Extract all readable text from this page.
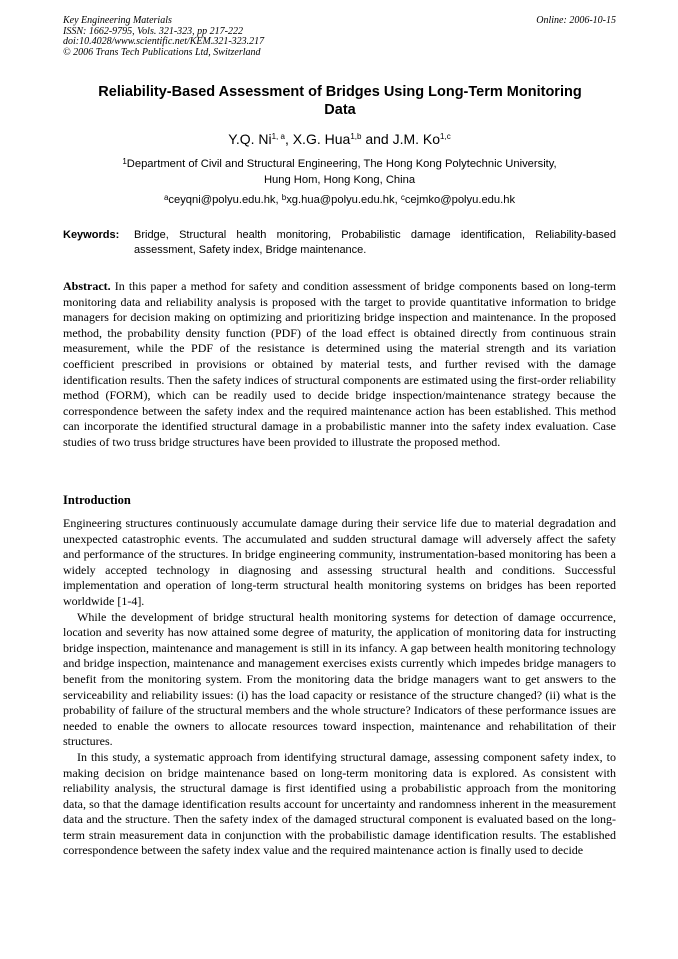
Key Engineering Materials
ISSN: 1662-9795, Vols. 321-323, pp 217-222
doi:10.4028/www.scientific.net/KEM.321-323.217
© 2006 Trans Tech Publications Ltd, Switzerland
Online: 2006-10-15
Reliability-Based Assessment of Bridges Using Long-Term Monitoring Data
Y.Q. Ni$^{1, a}$, X.G. Hua$^{1,b}$ and J.M. Ko$^{1,c}$
$^1$Department of Civil and Structural Engineering, The Hong Kong Polytechnic University,
Hung Hom, Hong Kong, China
$^a$ceyqni@polyu.edu.hk, $^b$xg.hua@polyu.edu.hk, $^c$cejmko@polyu.edu.hk
Keywords:	Bridge, Structural health monitoring, Probabilistic damage identification, Reliability-based assessment, Safety index, Bridge maintenance.
Abstract. In this paper a method for safety and condition assessment of bridge components based on long-term monitoring data and reliability analysis is proposed with the target to provide quantitative information to bridge managers for decision making on optimizing and prioritizing bridge inspection and maintenance. In the proposed method, the probability density function (PDF) of the load effect is obtained directly from continuous strain measurement, while the PDF of the resistance is determined using the material strength and its variation coefficient prescribed in provisions or obtained by material tests, and further revised with the damage identification results. Then the safety indices of structural components are estimated using the first-order reliability method (FORM), which can be readily used to decide bridge inspection/maintenance strategy because the correspondence between the safety index and the required maintenance action has been established. This method can incorporate the identified structural damage in a probabilistic manner into the safety index evaluation. Case studies of two truss bridge structures have been provided to illustrate the proposed method.
Introduction

Engineering structures continuously accumulate damage during their service life due to material degradation and unexpected catastrophic events. The accumulated and sudden structural damage will adversely affect the safety and performance of the structures. In bridge engineering community, instrumentation-based monitoring has been a widely accepted technology in diagnosing and assessing structural health and conditions. Successful implementation and operation of long-term structural health monitoring systems on bridges has been reported worldwide [1-4].

While the development of bridge structural health monitoring systems for detection of damage occurrence, location and severity has now attained some degree of maturity, the application of monitoring data for instructing bridge inspection, maintenance and management is still in its infancy. A gap between health monitoring technology and bridge inspection, maintenance and management exercises exists currently which impedes bridge managers to benefit from the monitoring system. From the monitoring data the bridge managers want to get answers to the serviceability and reliability issues: (i) has the load capacity or resistance of the structure changed? (ii) what is the probability of failure of the structural members and the whole structure? Indicators of these performance issues are needed to enable the owners to allocate resources toward inspection, maintenance and rehabilitation of their structures.

In this study, a systematic approach from identifying structural damage, assessing component safety index, to making decision on bridge maintenance based on long-term monitoring data is explored. As consistent with reliability analysis, the structural damage is first identified using a probabilistic approach from the monitoring data, so that the damage identification results account for uncertainty and randomness inherent in the measurement data and the structure. Then the safety index of the damaged structural component is evaluated based on the long-term strain measurement data in conjunction with the probabilistic damage identification results. The established correspondence between the safety index value and the required maintenance action is finally used to decide
